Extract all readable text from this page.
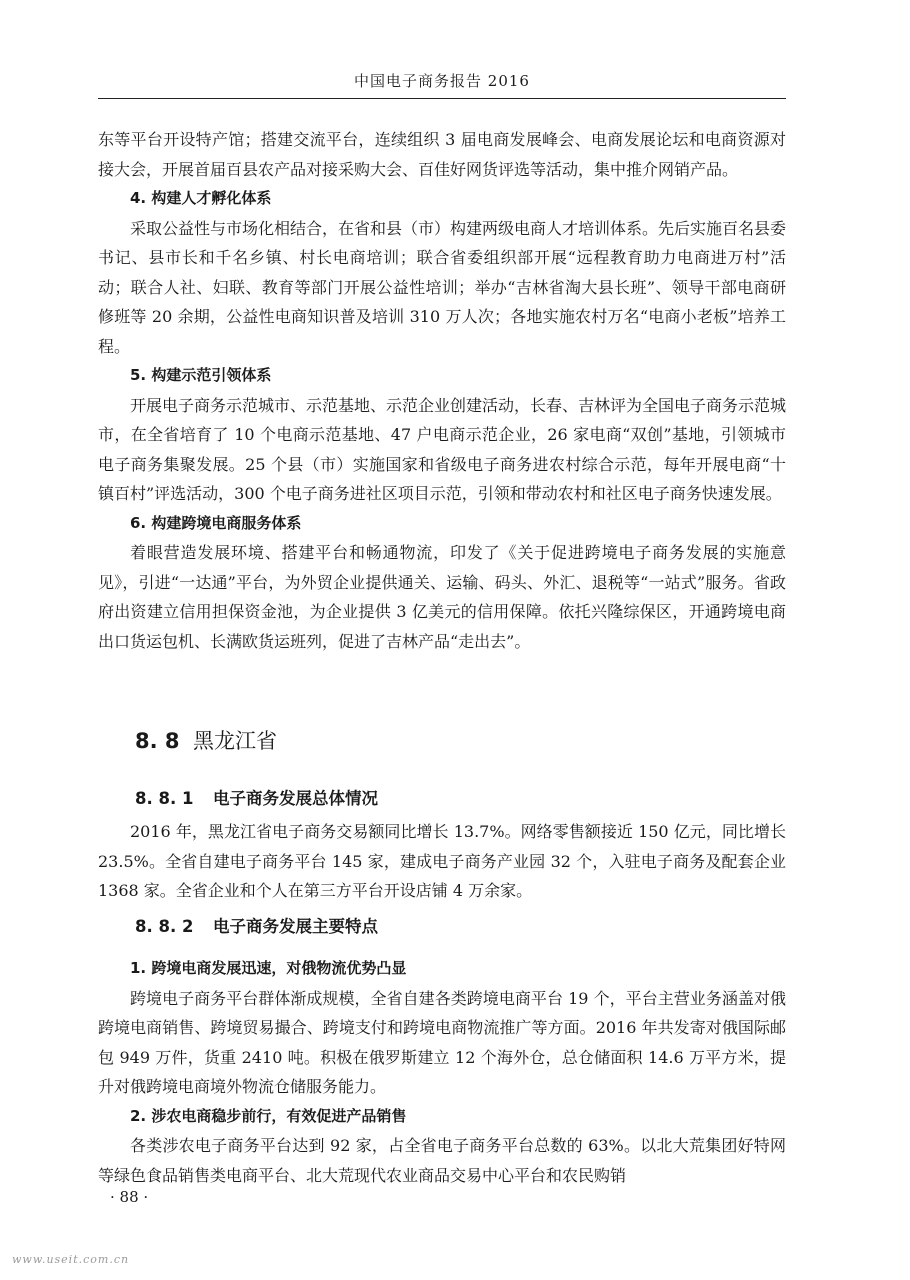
中国电子商务报告 2016

东等平台开设特产馆；搭建交流平台，连续组织 3 届电商发展峰会、电商发展论坛和电商资源对接大会，开展首届百县农产品对接采购大会、百佳好网货评选等活动，集中推介网销产品。

4. 构建人才孵化体系

采取公益性与市场化相结合，在省和县（市）构建两级电商人才培训体系。先后实施百名县委书记、县市长和千名乡镇、村长电商培训；联合省委组织部开展“远程教育助力电商进万村”活动；联合人社、妇联、教育等部门开展公益性培训；举办“吉林省淘大县长班”、领导干部电商研修班等 20 余期，公益性电商知识普及培训 310 万人次；各地实施农村万名“电商小老板”培养工程。

5. 构建示范引领体系

开展电子商务示范城市、示范基地、示范企业创建活动，长春、吉林评为全国电子商务示范城市，在全省培育了 10 个电商示范基地、47 户电商示范企业，26 家电商“双创”基地，引领城市电子商务集聚发展。25 个县（市）实施国家和省级电子商务进农村综合示范，每年开展电商“十镇百村”评选活动，300 个电子商务进社区项目示范，引领和带动农村和社区电子商务快速发展。

6. 构建跨境电商服务体系

着眼营造发展环境、搭建平台和畅通物流，印发了《关于促进跨境电子商务发展的实施意见》，引进“一达通”平台，为外贸企业提供通关、运输、码头、外汇、退税等“一站式”服务。省政府出资建立信用担保资金池，为企业提供 3 亿美元的信用保障。依托兴隆综保区，开通跨境电商出口货运包机、长满欧货运班列，促进了吉林产品“走出去”。

8. 8 黑龙江省
8. 8. 1 电子商务发展总体情况

2016 年，黑龙江省电子商务交易额同比增长 13.7%。网络零售额接近 150 亿元，同比增长 23.5%。全省自建电子商务平台 145 家，建成电子商务产业园 32 个，入驻电子商务及配套企业 1368 家。全省企业和个人在第三方平台开设店铺 4 万余家。

8. 8. 2 电子商务发展主要特点

1. 跨境电商发展迅速，对俄物流优势凸显

跨境电子商务平台群体渐成规模，全省自建各类跨境电商平台 19 个，平台主营业务涵盖对俄跨境电商销售、跨境贸易撮合、跨境支付和跨境电商物流推广等方面。2016 年共发寄对俄国际邮包 949 万件，货重 2410 吨。积极在俄罗斯建立 12 个海外仓，总仓储面积 14.6 万平方米，提升对俄跨境电商境外物流仓储服务能力。

2. 涉农电商稳步前行，有效促进产品销售

各类涉农电子商务平台达到 92 家，占全省电子商务平台总数的 63%。以北大荒集团好特网等绿色食品销售类电商平台、北大荒现代农业商品交易中心平台和农民购销

· 88 ·
www.useit.com.cn
